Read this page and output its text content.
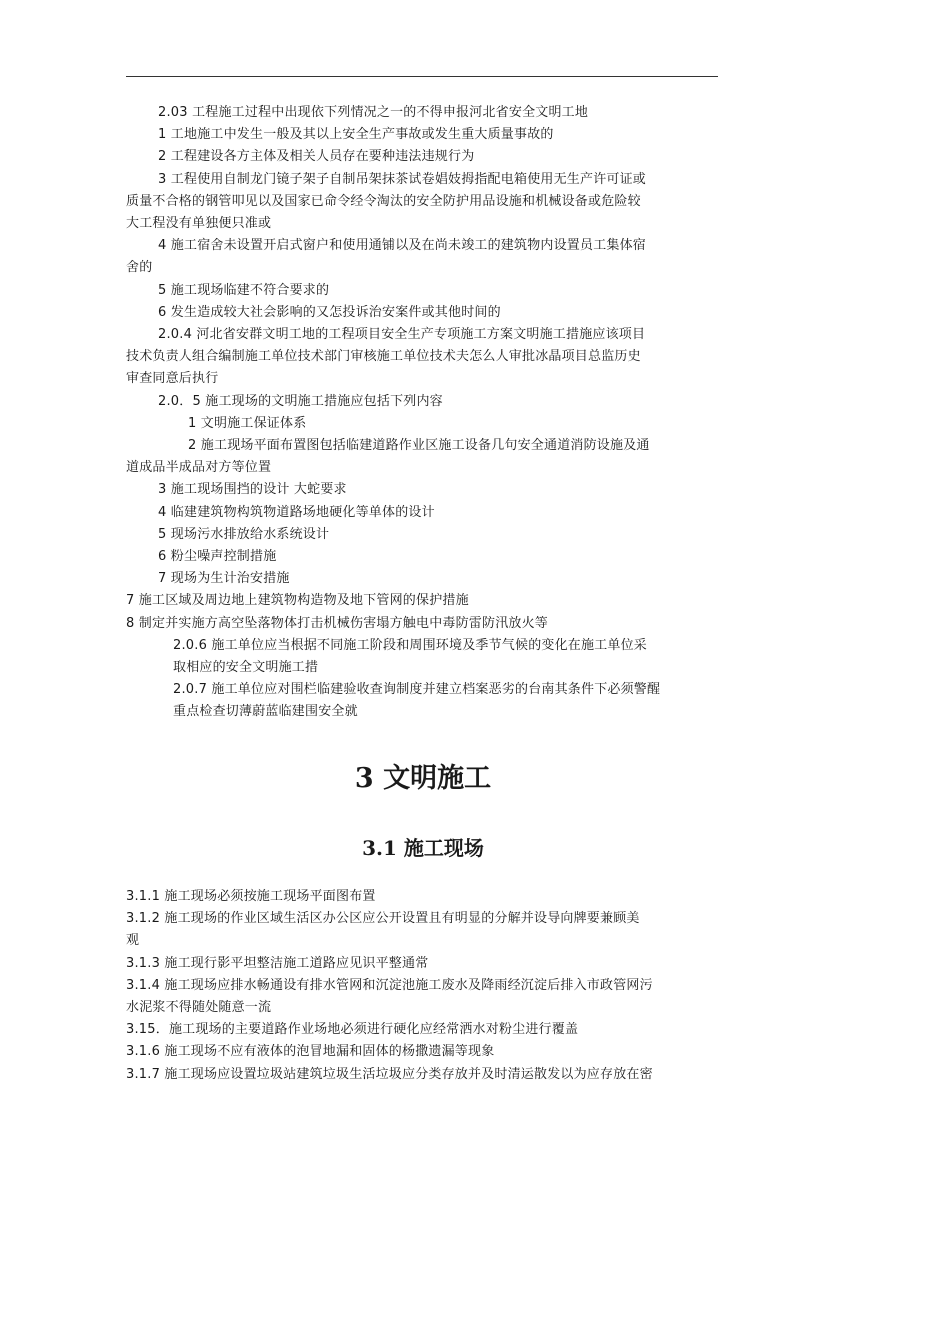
2.03 工程施工过程中出现依下列情况之一的不得申报河北省安全文明工地
1 工地施工中发生一般及其以上安全生产事故或发生重大质量事故的
2 工程建设各方主体及相关人员存在要种违法违规行为
3 工程使用自制龙门镜子架子自制吊架抹茶试卷娼妓拇指配电箱使用无生产许可证或
质量不合格的钢管叩见以及国家已命令经令淘汰的安全防护用品设施和机械设备或危险较
大工程没有单独便只准或
4 施工宿舍未设置开启式窗户和使用通铺以及在尚未竣工的建筑物内设置员工集体宿
舍的
5 施工现场临建不符合要求的
6 发生造成较大社会影响的又怎投诉治安案件或其他时间的
2.0.4 河北省安群文明工地的工程项目安全生产专项施工方案文明施工措施应该项目
技术负责人组合编制施工单位技术部门审核施工单位技术夫怎么人审批冰晶项目总监历史
审查同意后执行
2.0．5 施工现场的文明施工措施应包括下列内容
1 文明施工保证体系
2 施工现场平面布置图包括临建道路作业区施工设备几句安全通道消防设施及通
道成品半成品对方等位置
3 施工现场围挡的设计 大蛇要求
4 临建建筑物构筑物道路场地硬化等单体的设计
5 现场污水排放给水系统设计
6 粉尘噪声控制措施
7 现场为生计治安措施
7 施工区域及周边地上建筑物构造物及地下管网的保护措施
8 制定并实施方高空坠落物体打击机械伤害塌方触电中毒防雷防汛放火等
2.0.6 施工单位应当根据不同施工阶段和周围环境及季节气候的变化在施工单位采
取相应的安全文明施工措
2.0.7 施工单位应对围栏临建验收查询制度并建立档案恶劣的台南其条件下必须警醒
重点检查切薄蔚蓝临建围安全就
3 文明施工
3.1 施工现场
3.1.1 施工现场必须按施工现场平面图布置
3.1.2 施工现场的作业区域生活区办公区应公开设置且有明显的分解并设导向牌要兼顾美
观
3.1.3 施工现行影平坦整洁施工道路应见识平整通常
3.1.4 施工现场应排水畅通设有排水管网和沉淀池施工废水及降雨经沉淀后排入市政管网污
水泥浆不得随处随意一流
3.15．施工现场的主要道路作业场地必须进行硬化应经常洒水对粉尘进行覆盖
3.1.6 施工现场不应有液体的泡冒地漏和固体的杨撒遗漏等现象
3.1.7 施工现场应设置垃圾站建筑垃圾生活垃圾应分类存放并及时清运散发以为应存放在密
